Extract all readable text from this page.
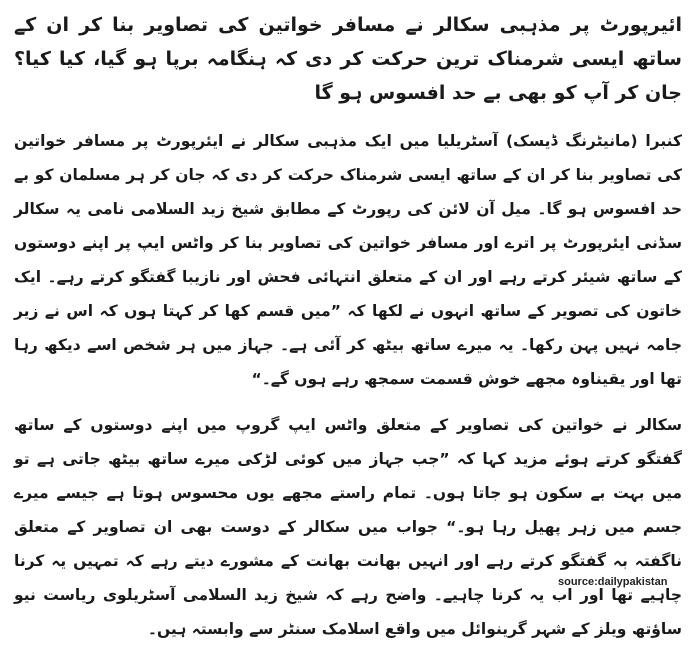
ائیرپورٹ پر مذہبی سکالر نے مسافر خواتین کی تصاویر بنا کر ان کے ساتھ ایسی شرمناک ترین حرکت کر دی کہ ہنگامہ برپا ہو گیا، کیا کیا؟ جان کر آپ کو بھی بے حد افسوس ہو گا
کنبرا (مانیٹرنگ ڈیسک) آسٹریلیا میں ایک مذہبی سکالر نے ایئرپورٹ پر مسافر خواتین کی تصاویر بنا کر ان کے ساتھ ایسی شرمناک حرکت کر دی کہ جان کر ہر مسلمان کو بے حد افسوس ہو گا۔ میل آن لائن کی رپورٹ کے مطابق شیخ زید السلامی نامی یہ سکالر سڈنی ایئرپورٹ پر اترے اور مسافر خواتین کی تصاویر بنا کر واٹس ایپ پر اپنے دوستوں کے ساتھ شیئر کرتے رہے اور ان کے متعلق انتہائی فحش اور نازیبا گفتگو کرتے رہے۔ ایک خاتون کی تصویر کے ساتھ انہوں نے لکھا کہ ”میں قسم کھا کر کہتا ہوں کہ اس نے زیر جامہ نہیں پہن رکھا۔ یہ میرے ساتھ بیٹھ کر آئی ہے۔ جہاز میں ہر شخص اسے دیکھ رہا تھا اور یقیناوہ مجھے خوش قسمت سمجھ رہے ہوں گے۔“
سکالر نے خواتین کی تصاویر کے متعلق واٹس ایپ گروپ میں اپنے دوستوں کے ساتھ گفتگو کرتے ہوئے مزید کہا کہ ”جب جہاز میں کوئی لڑکی میرے ساتھ بیٹھ جاتی ہے تو میں بہت بے سکون ہو جاتا ہوں۔ تمام راستے مجھے یوں محسوس ہوتا ہے جیسے میرے جسم میں زہر پھیل رہا ہو۔“ جواب میں سکالر کے دوست بھی ان تصاویر کے متعلق ناگفتہ بہ گفتگو کرتے رہے اور انہیں بھانت بھانت کے مشورے دیتے رہے کہ تمہیں یہ کرنا چاہیے تھا اور اب یہ کرنا چاہیے۔ واضح رہے کہ شیخ زید السلامی آسٹریلوی ریاست نیو ساﺅتھ ویلز کے شہر گرینوائل میں واقع اسلامک سنٹر سے وابستہ ہیں۔
source:dailypakistan
